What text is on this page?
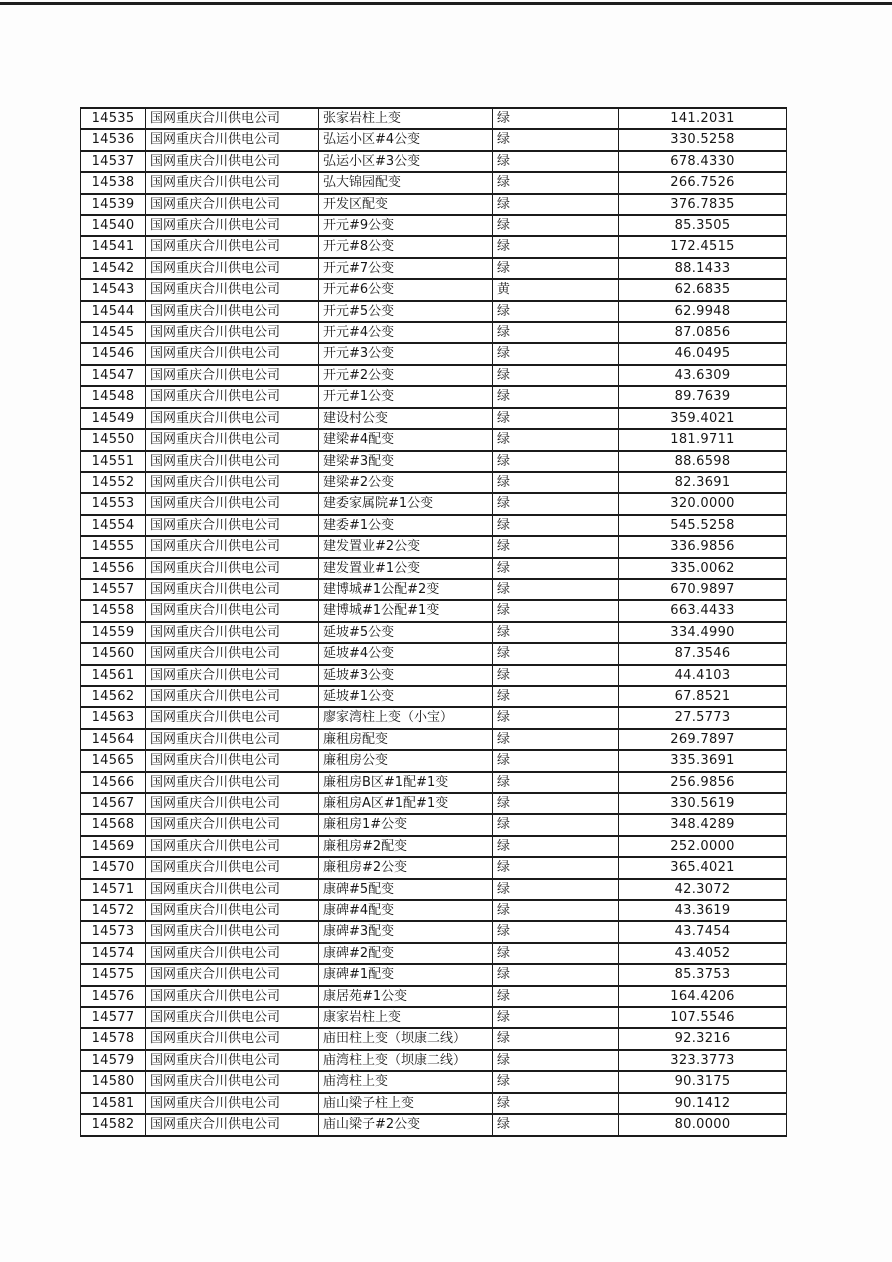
14535	国网重庆合川供电公司	张家岩柱上变	绿	141.2031
14536	国网重庆合川供电公司	弘运小区#4公变	绿	330.5258
14537	国网重庆合川供电公司	弘运小区#3公变	绿	678.4330
14538	国网重庆合川供电公司	弘大锦园配变	绿	266.7526
14539	国网重庆合川供电公司	开发区配变	绿	376.7835
14540	国网重庆合川供电公司	开元#9公变	绿	85.3505
14541	国网重庆合川供电公司	开元#8公变	绿	172.4515
14542	国网重庆合川供电公司	开元#7公变	绿	88.1433
14543	国网重庆合川供电公司	开元#6公变	黄	62.6835
14544	国网重庆合川供电公司	开元#5公变	绿	62.9948
14545	国网重庆合川供电公司	开元#4公变	绿	87.0856
14546	国网重庆合川供电公司	开元#3公变	绿	46.0495
14547	国网重庆合川供电公司	开元#2公变	绿	43.6309
14548	国网重庆合川供电公司	开元#1公变	绿	89.7639
14549	国网重庆合川供电公司	建设村公变	绿	359.4021
14550	国网重庆合川供电公司	建梁#4配变	绿	181.9711
14551	国网重庆合川供电公司	建梁#3配变	绿	88.6598
14552	国网重庆合川供电公司	建梁#2公变	绿	82.3691
14553	国网重庆合川供电公司	建委家属院#1公变	绿	320.0000
14554	国网重庆合川供电公司	建委#1公变	绿	545.5258
14555	国网重庆合川供电公司	建发置业#2公变	绿	336.9856
14556	国网重庆合川供电公司	建发置业#1公变	绿	335.0062
14557	国网重庆合川供电公司	建博城#1公配#2变	绿	670.9897
14558	国网重庆合川供电公司	建博城#1公配#1变	绿	663.4433
14559	国网重庆合川供电公司	延坡#5公变	绿	334.4990
14560	国网重庆合川供电公司	延坡#4公变	绿	87.3546
14561	国网重庆合川供电公司	延坡#3公变	绿	44.4103
14562	国网重庆合川供电公司	延坡#1公变	绿	67.8521
14563	国网重庆合川供电公司	廖家湾柱上变（小宝）	绿	27.5773
14564	国网重庆合川供电公司	廉租房配变	绿	269.7897
14565	国网重庆合川供电公司	廉租房公变	绿	335.3691
14566	国网重庆合川供电公司	廉租房B区#1配#1变	绿	256.9856
14567	国网重庆合川供电公司	廉租房A区#1配#1变	绿	330.5619
14568	国网重庆合川供电公司	廉租房1#公变	绿	348.4289
14569	国网重庆合川供电公司	廉租房#2配变	绿	252.0000
14570	国网重庆合川供电公司	廉租房#2公变	绿	365.4021
14571	国网重庆合川供电公司	康碑#5配变	绿	42.3072
14572	国网重庆合川供电公司	康碑#4配变	绿	43.3619
14573	国网重庆合川供电公司	康碑#3配变	绿	43.7454
14574	国网重庆合川供电公司	康碑#2配变	绿	43.4052
14575	国网重庆合川供电公司	康碑#1配变	绿	85.3753
14576	国网重庆合川供电公司	康居苑#1公变	绿	164.4206
14577	国网重庆合川供电公司	康家岩柱上变	绿	107.5546
14578	国网重庆合川供电公司	庙田柱上变（坝康二线）	绿	92.3216
14579	国网重庆合川供电公司	庙湾柱上变（坝康二线）	绿	323.3773
14580	国网重庆合川供电公司	庙湾柱上变	绿	90.3175
14581	国网重庆合川供电公司	庙山梁子柱上变	绿	90.1412
14582	国网重庆合川供电公司	庙山梁子#2公变	绿	80.0000
